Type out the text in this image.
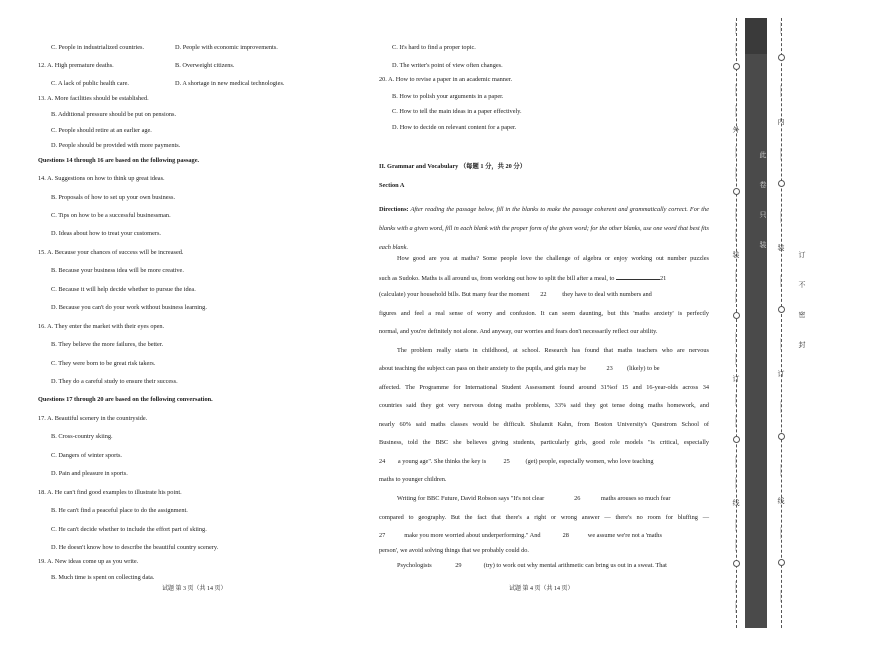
C. People in industrialized countries.	D. People with economic improvements.
12. A. High premature deaths.	B. Overweight citizens.
C. A lack of public health care.	D. A shortage in new medical technologies.
13. A. More facilities should be established.
B. Additional pressure should be put on pensions.
C. People should retire at an earlier age.
D. People should be provided with more payments.
Questions 14 through 16 are based on the following passage.
14. A. Suggestions on how to think up great ideas.
B. Proposals of how to set up your own business.
C. Tips on how to be a successful businessman.
D. Ideas about how to treat your customers.
15. A. Because your chances of success will be increased.
B. Because your business idea will be more creative.
C. Because it will help decide whether to pursue the idea.
D. Because you can't do your work without business learning.
16. A. They enter the market with their eyes open.
B. They believe the more failures, the better.
C. They were born to be great risk takers.
D. They do a careful study to ensure their success.
Questions 17 through 20 are based on the following conversation.
17. A. Beautiful scenery in the countryside.
B. Cross-country skiing.
C. Dangers of winter sports.
D. Pain and pleasure in sports.
18. A. He can't find good examples to illustrate his point.
B. He can't find a peaceful place to do the assignment.
C. He can't decide whether to include the effort part of skiing.
D. He doesn't know how to describe the beautiful country scenery.
19. A. New ideas come up as you write.
B. Much time is spent on collecting data.
试题 第 3 页（共 14 页）
II. Grammar and Vocabulary （每题 1 分，共 20 分）
Section A
Directions: After reading the passage below, fill in the blanks to make the passage coherent and grammatically correct. For the blanks with a given word, fill in each blank with the proper form of the given word; for the other blanks, use one word that best fits each blank.
How good are you at maths? Some people love the challenge of algebra or enjoy working out number puzzles
such as Sudoko. Maths is all around us, from working out how to split the bill after a meal, to	21
(calculate) your household bills. But many fear the moment 22	they have to deal with numbers and
figures and feel a real sense of worry and confusion. It can seem daunting, but this 'maths anxiety' is perfectly
normal, and you're definitely not alone. And anyway, our worries and fears don't necessarily reflect our ability.
The problem really starts in childhood, at school. Research has found that maths teachers who are nervous
about teaching the subject can pass on their anxiety to the pupils, and girls may be	23 (likely) to be
affected. The Programme for International Student Assessment found around 31%of 15 and 16-year-olds across 34
countries said they got very nervous doing maths problems, 33% said they got tense doing maths homework, and
nearly 60% said maths classes would be difficult. Shulamit Kahn, from Boston University's Questrom School of
Business, told the BBC she believes giving students, particularly girls, good role models "is critical, especially
24 a young age". She thinks the key is	25	(get) people, especially women, who love teaching
maths to younger children.
Writing for BBC Future, David Robson says "It's not clear	26	maths arouses so much fear
compared to geography. But the fact that there's a right or wrong answer — there's no room for bluffing —
27	make you more worried about underperforming." And	28	we assume we're not a 'maths
person', we avoid solving things that we probably could do.
Psychologists	29	(try) to work out why mental arithmetic can bring us out in a sweat. That
C. It's hard to find a proper topic.
D. The writer's point of view often changes.
20. A. How to revise a paper in an academic manner.
B. How to polish your arguments in a paper.
C. How to tell the main ideas in a paper effectively.
D. How to decide on relevant content for a paper.
试题 第 4 页（共 14 页）
……
……
……
……
外
……
……
……
……
装
……
……
……
……
订
……
……
……
……
线
……
……
……
……
……
……
内
……
……
装
……
……
订
……
……
线
……
……
此
卷
只
装
订
不
密
封
